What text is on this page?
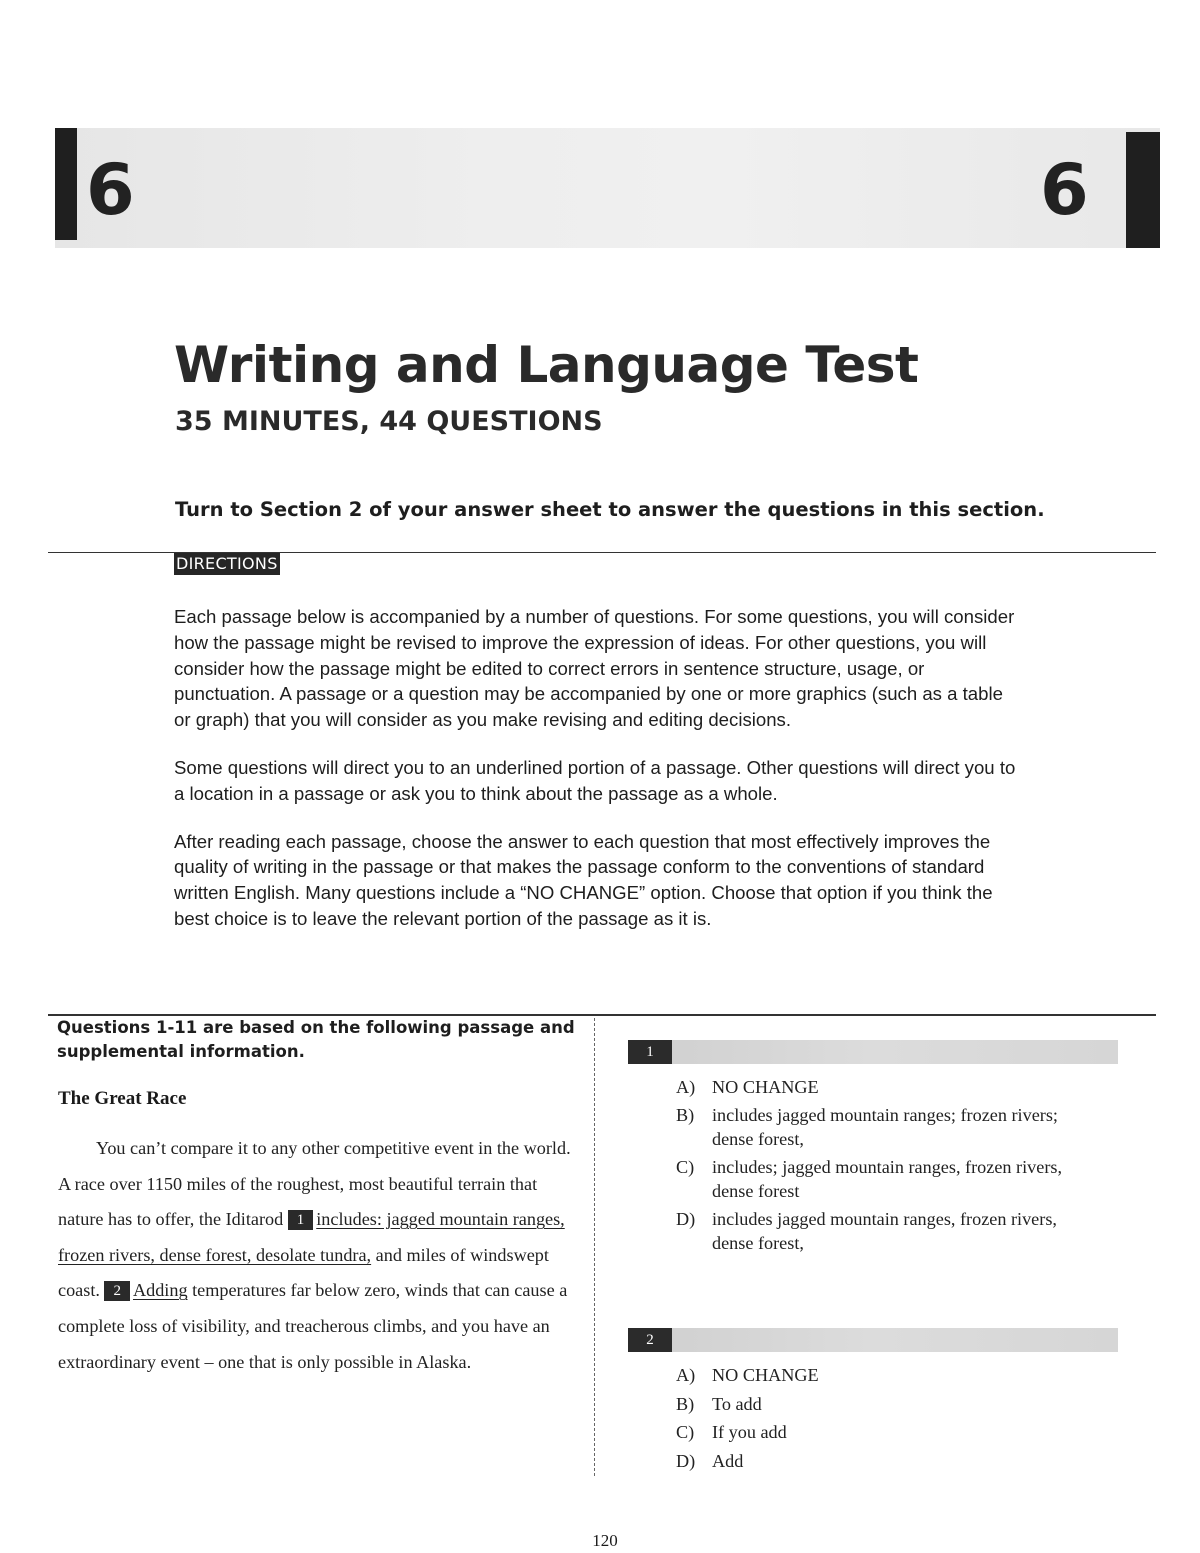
6	6
Writing and Language Test
35 MINUTES, 44 QUESTIONS

Turn to Section 2 of your answer sheet to answer the questions in this section.

DIRECTIONS

Each passage below is accompanied by a number of questions. For some questions, you will consider how the passage might be revised to improve the expression of ideas. For other questions, you will consider how the passage might be edited to correct errors in sentence structure, usage, or punctuation. A passage or a question may be accompanied by one or more graphics (such as a table or graph) that you will consider as you make revising and editing decisions.

Some questions will direct you to an underlined portion of a passage. Other questions will direct you to a location in a passage or ask you to think about the passage as a whole.

After reading each passage, choose the answer to each question that most effectively improves the quality of writing in the passage or that makes the passage conform to the conventions of standard written English. Many questions include a “NO CHANGE” option. Choose that option if you think the best choice is to leave the relevant portion of the passage as it is.

Questions 1-11 are based on the following passage and supplemental information.

The Great Race

You can’t compare it to any other competitive event in the world. A race over 1150 miles of the roughest, most beautiful terrain that nature has to offer, the Iditarod 1 includes: jagged mountain ranges, frozen rivers, dense forest, desolate tundra, and miles of windswept coast. 2 Adding temperatures far below zero, winds that can cause a complete loss of visibility, and treacherous climbs, and you have an extraordinary event – one that is only possible in Alaska.

1
A) NO CHANGE
B) includes jagged mountain ranges; frozen rivers; dense forest,
C) includes; jagged mountain ranges, frozen rivers, dense forest
D) includes jagged mountain ranges, frozen rivers, dense forest,
2
A) NO CHANGE
B) To add
C) If you add
D) Add
120
